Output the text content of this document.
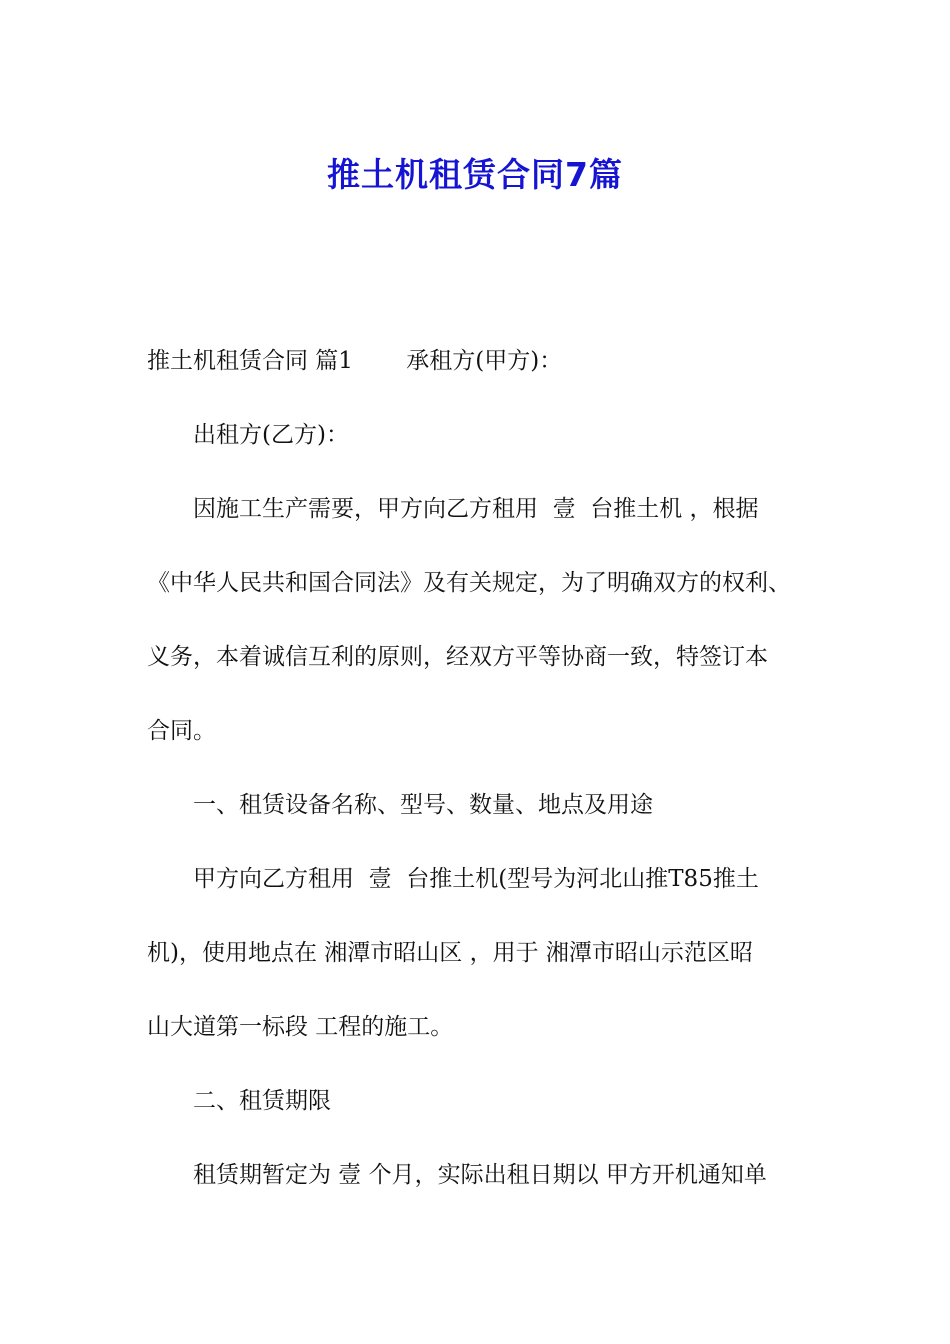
推土机租赁合同7篇
推土机租赁合同 篇1　　 承租方(甲方)：
出租方(乙方)：
因施工生产需要，甲方向乙方租用  壹  台推土机 ，根据
《中华人民共和国合同法》及有关规定，为了明确双方的权利、
义务，本着诚信互利的原则，经双方平等协商一致，特签订本
合同。
一、租赁设备名称、型号、数量、地点及用途
甲方向乙方租用  壹  台推土机(型号为河北山推T85推土
机)，使用地点在 湘潭市昭山区 ，用于 湘潭市昭山示范区昭
山大道第一标段 工程的施工。
二、租赁期限
租赁期暂定为 壹 个月，实际出租日期以 甲方开机通知单
